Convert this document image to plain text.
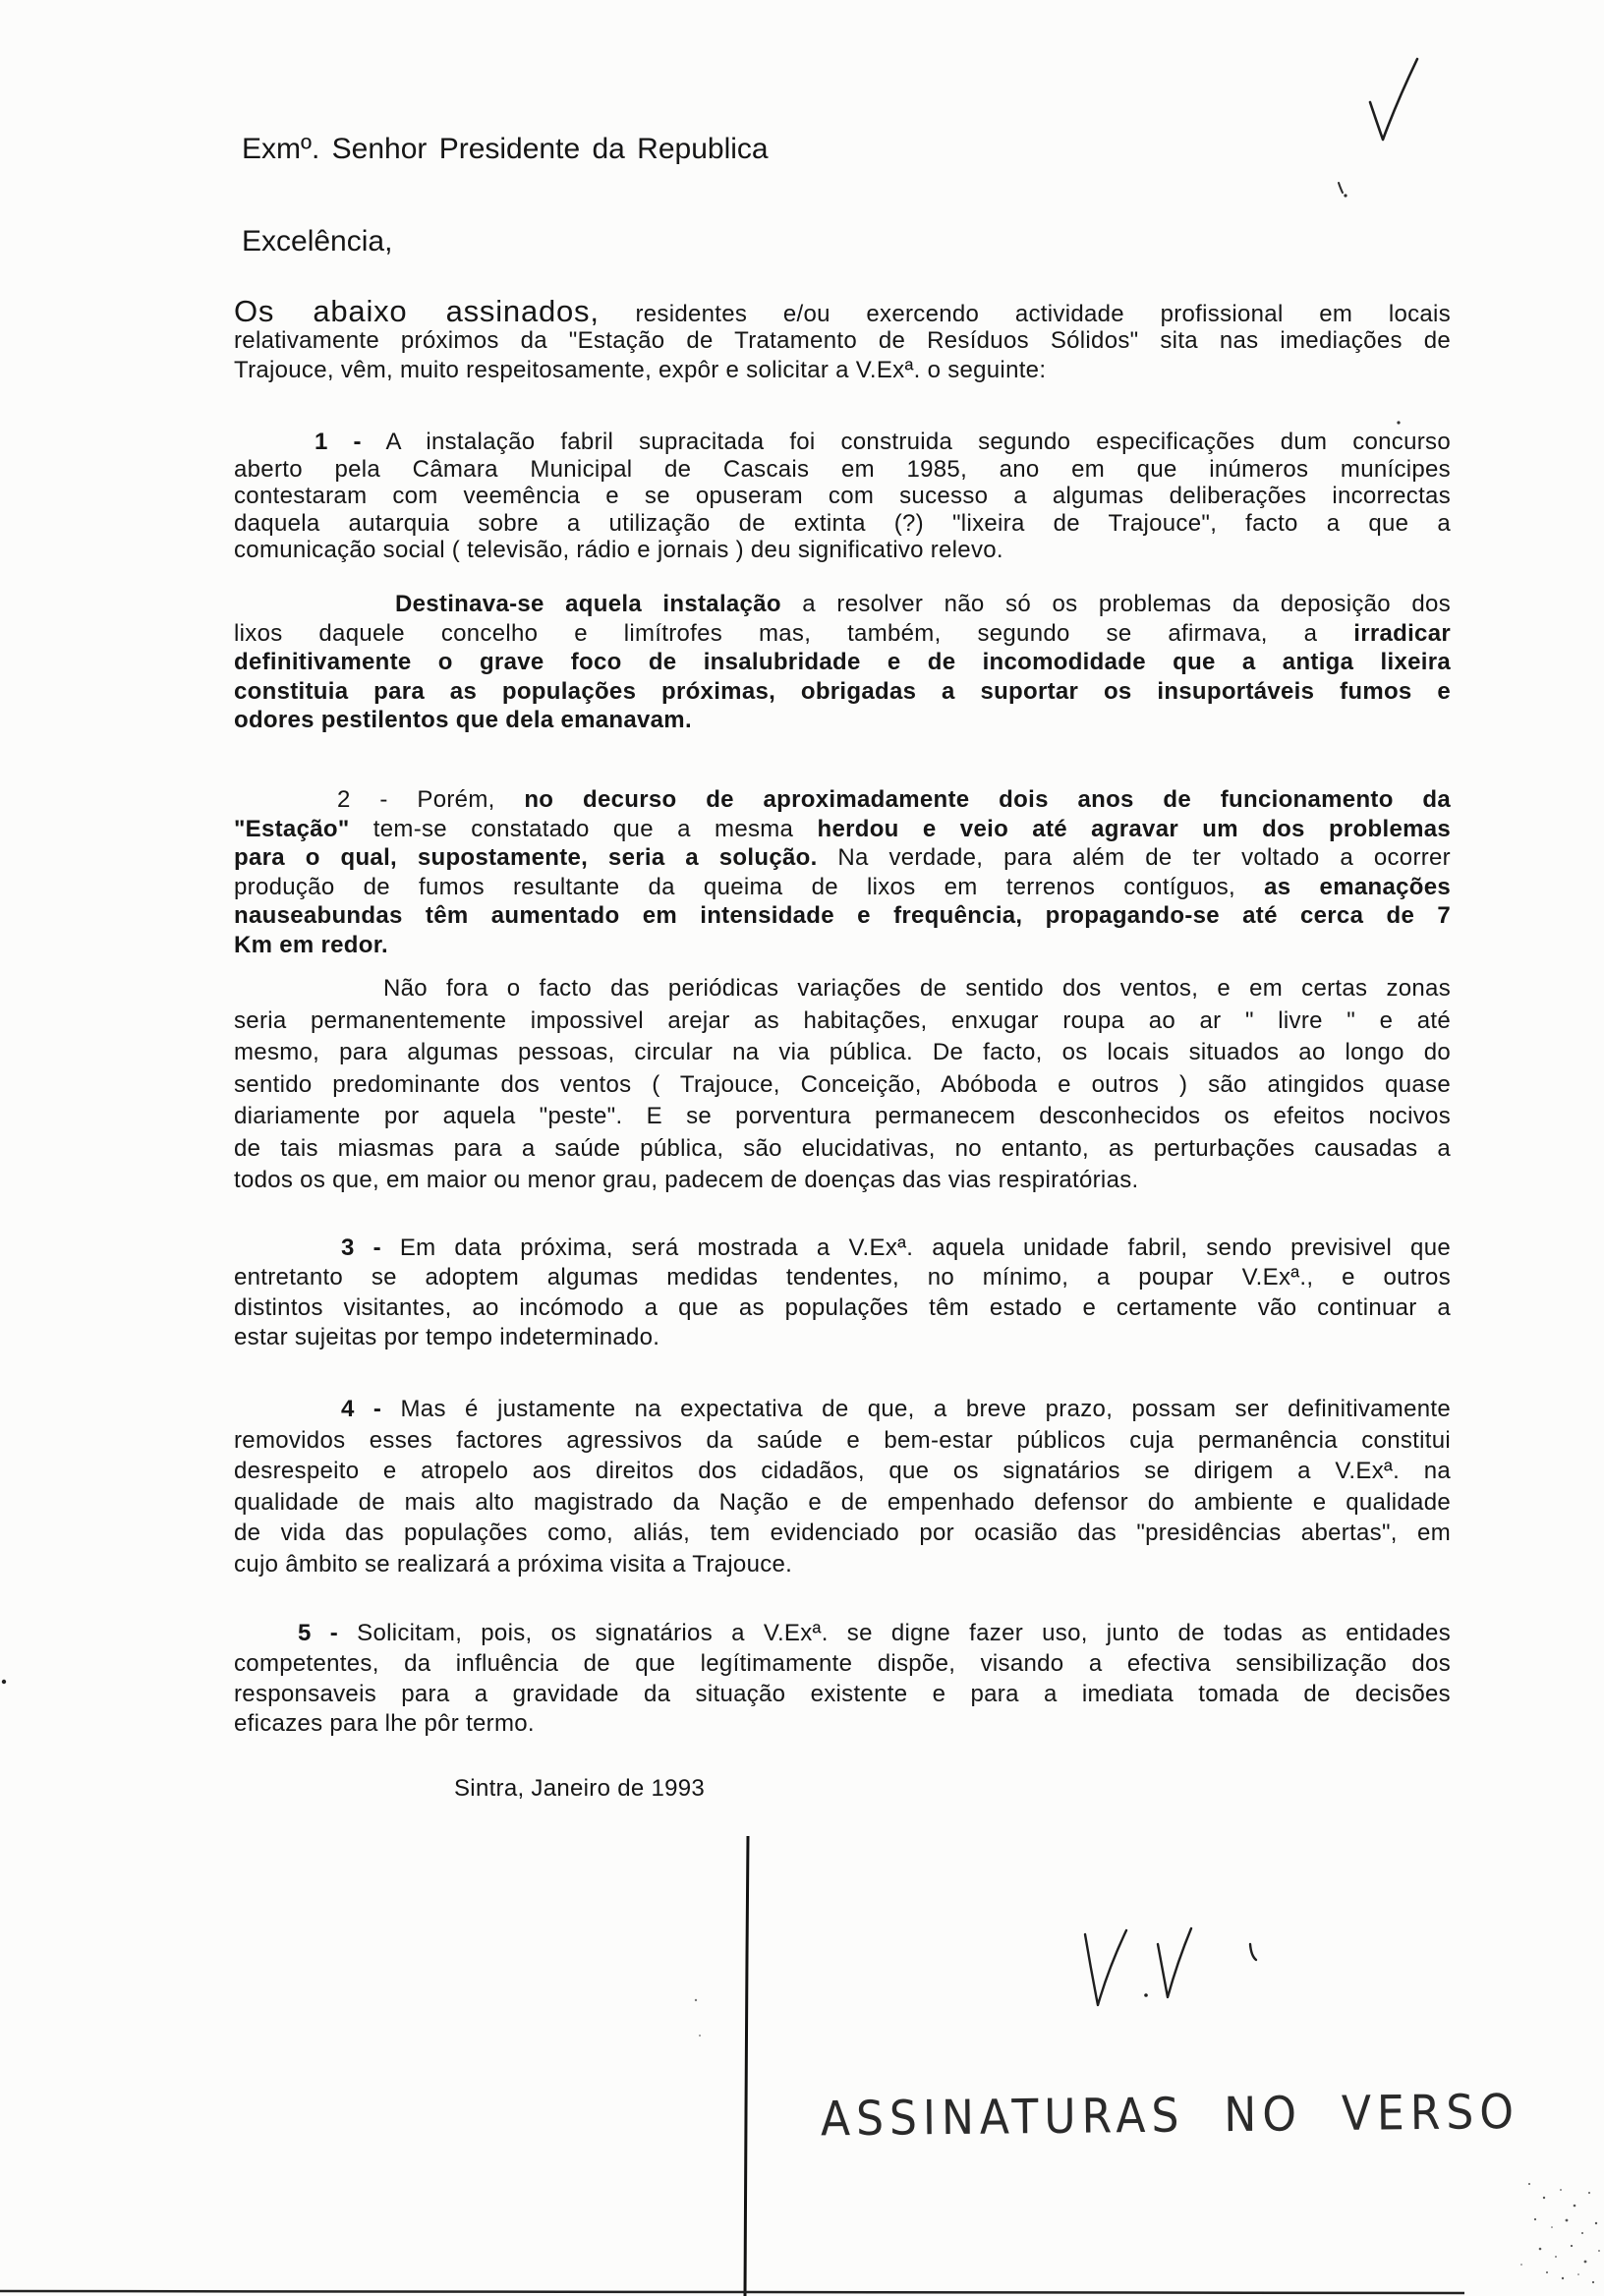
Exmº. Senhor Presidente da Republica
Excelência,
Os abaixo assinados, residentes e/ou exercendo actividade profissional em locais
relativamente próximos da "Estação de Tratamento de Resíduos Sólidos" sita nas imediações de
Trajouce, vêm, muito respeitosamente, expôr e solicitar a V.Exª. o seguinte:
1 - A instalação fabril supracitada foi construida segundo especificações dum concurso
aberto pela Câmara Municipal de Cascais em 1985, ano em que inúmeros munícipes
contestaram com veemência e se opuseram com sucesso a algumas deliberações incorrectas
daquela autarquia sobre a utilização de extinta (?) "lixeira de Trajouce", facto a que a
comunicação social ( televisão, rádio e jornais ) deu significativo relevo.
Destinava-se aquela instalação a resolver não só os problemas da deposição dos
lixos daquele concelho e limítrofes mas, também, segundo se afirmava, a irradicar
definitivamente o grave foco de insalubridade e de incomodidade que a antiga lixeira
constituia para as populações próximas, obrigadas a suportar os insuportáveis fumos e
odores pestilentos que dela emanavam.
2 - Porém, no decurso de aproximadamente dois anos de funcionamento da
"Estação" tem-se constatado que a mesma herdou e veio até agravar um dos problemas
para o qual, supostamente, seria a solução. Na verdade, para além de ter voltado a ocorrer
produção de fumos resultante da queima de lixos em terrenos contíguos, as emanações
nauseabundas têm aumentado em intensidade e frequência, propagando-se até cerca de 7
Km em redor.
Não fora o facto das periódicas variações de sentido dos ventos, e em certas zonas
seria permanentemente impossivel arejar as habitações, enxugar roupa ao ar " livre " e até
mesmo, para algumas pessoas, circular na via pública. De facto, os locais situados ao longo do
sentido predominante dos ventos ( Trajouce, Conceição, Abóboda e outros ) são atingidos quase
diariamente por aquela "peste". E se porventura permanecem desconhecidos os efeitos nocivos
de tais miasmas para a saúde pública, são elucidativas, no entanto, as perturbações causadas a
todos os que, em maior ou menor grau, padecem de doenças das vias respiratórias.
3 - Em data próxima, será mostrada a V.Exª. aquela unidade fabril, sendo previsivel que
entretanto se adoptem algumas medidas tendentes, no mínimo, a poupar V.Exª., e outros
distintos visitantes, ao incómodo a que as populações têm estado e certamente vão continuar a
estar sujeitas por tempo indeterminado.
4 - Mas é justamente na expectativa de que, a breve prazo, possam ser definitivamente
removidos esses factores agressivos da saúde e bem-estar públicos cuja permanência constitui
desrespeito e atropelo aos direitos dos cidadãos, que os signatários se dirigem a V.Exª. na
qualidade de mais alto magistrado da Nação e de empenhado defensor do ambiente e qualidade
de vida das populações como, aliás, tem evidenciado por ocasião das "presidências abertas", em
cujo âmbito se realizará a próxima visita a Trajouce.
5 - Solicitam, pois, os signatários a V.Exª. se digne fazer uso, junto de todas as entidades
competentes, da influência de que legítimamente dispõe, visando a efectiva sensibilização dos
responsaveis para a gravidade da situação existente e para a imediata tomada de decisões
eficazes para lhe pôr termo.
Sintra, Janeiro de 1993
ASSINATURAS NO VERSO
